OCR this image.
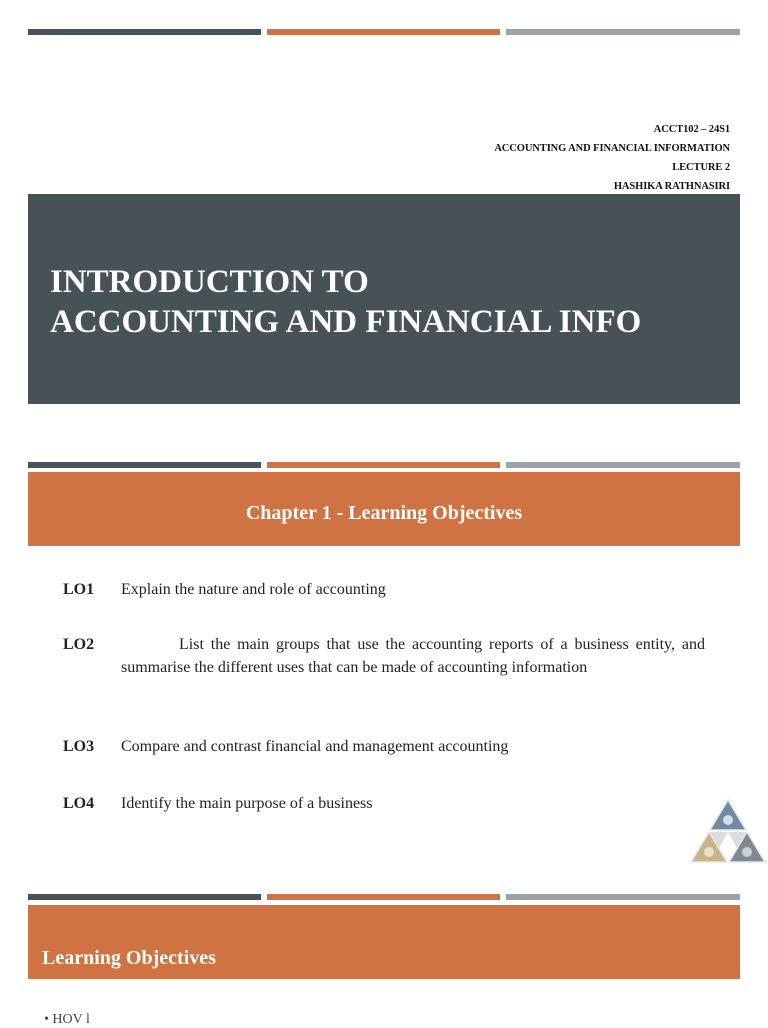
ACCT102 – 24S1
ACCOUNTING AND FINANCIAL INFORMATION
LECTURE 2
HASHIKA RATHNASIRI
INTRODUCTION TO
ACCOUNTING AND FINANCIAL INFO
Chapter 1 - Learning Objectives
LO1 Explain the nature and role of accounting
LO2	List the main groups that use the accounting reports of a business entity, and summarise the different uses that can be made of accounting information
LO3 Compare and contrast financial and management accounting
LO4 Identify the main purpose of a business
Learning Objectives
• HOV l
